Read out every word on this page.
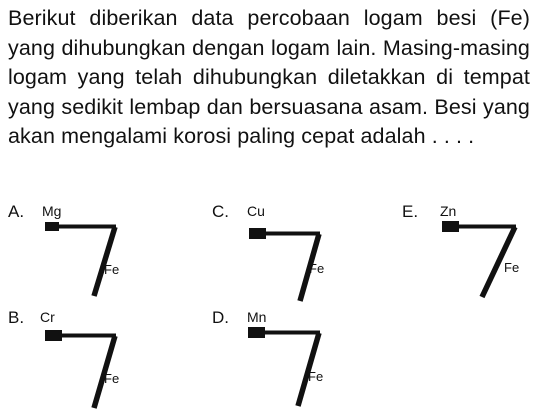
Berikut diberikan data percobaan logam besi (Fe) yang dihubungkan dengan logam lain. Masing-masing logam yang telah dihubungkan diletakkan di tempat yang sedikit lembap dan bersuasana asam. Besi yang akan mengalami korosi paling cepat adalah . . . .
A. Mg
Fe
C. Cu
Fe
E. Zn
Fe
B. Cr
Fe
D. Mn
Fe
